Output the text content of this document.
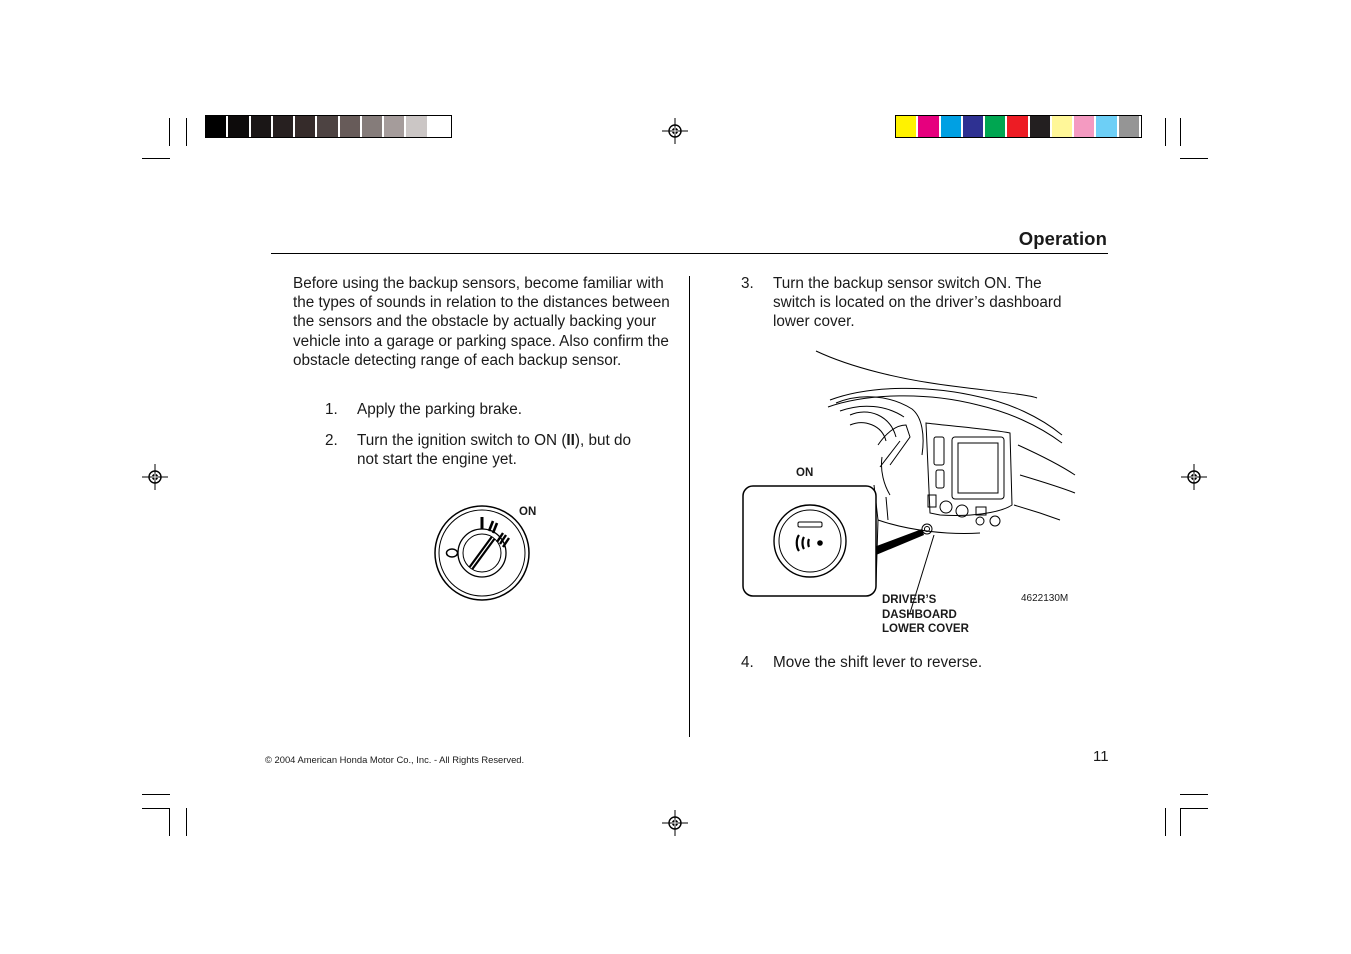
Operation
Before using the backup sensors, become familiar with the types of sounds in relation to the distances between the sensors and the obstacle by actually backing your vehicle into a garage or parking space. Also confirm the obstacle detecting range of each backup sensor.
1. Apply the parking brake.
2. Turn the ignition switch to ON (II), but do not start the engine yet.
ON
3. Turn the backup sensor switch ON. The switch is located on the driver’s dashboard lower cover.
ON
DRIVER’S
DASHBOARD
LOWER COVER
4622130M
4. Move the shift lever to reverse.
© 2004 American Honda Motor Co., Inc. - All Rights Reserved.	11
